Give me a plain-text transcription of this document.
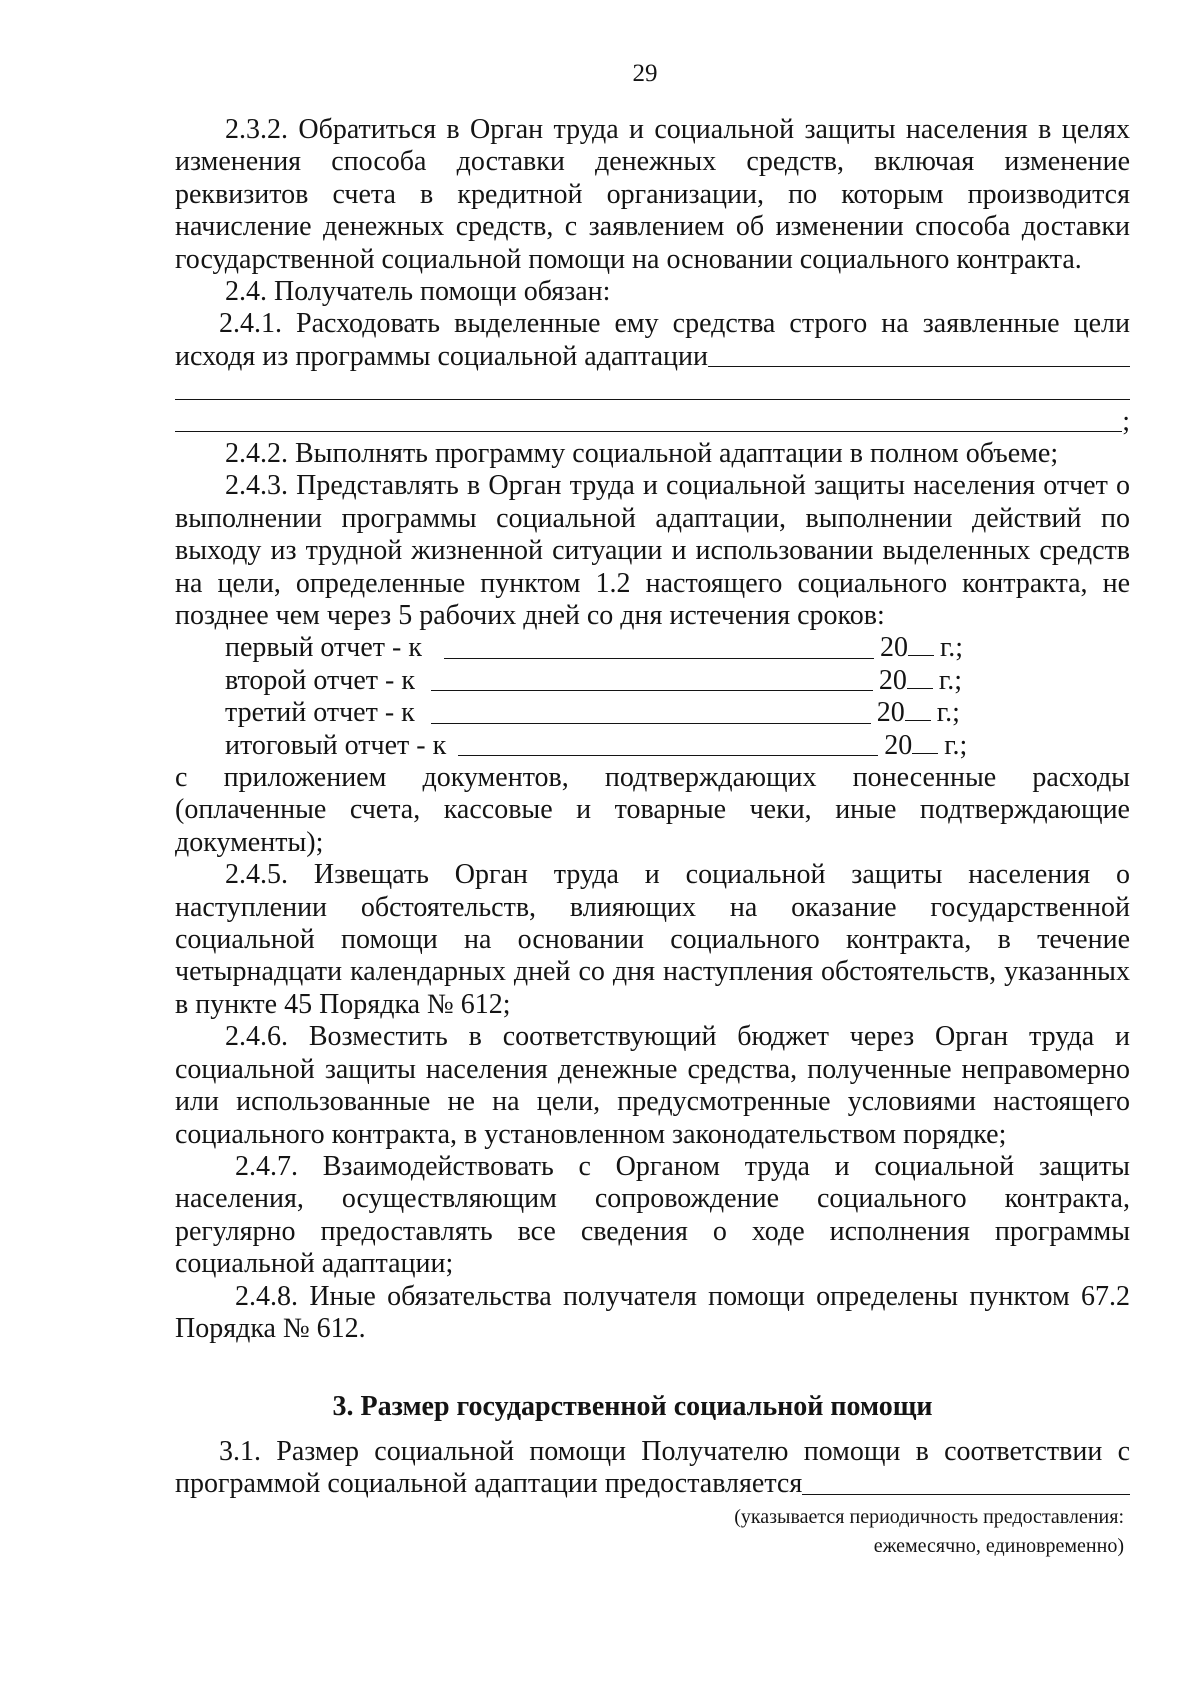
29

2.3.2. Обратиться в Орган труда и социальной защиты населения в целях изменения способа доставки денежных средств, включая изменение реквизитов счета в кредитной организации, по которым производится начисление денежных средств, с заявлением об изменении способа доставки государственной социальной помощи на основании социального контракта.

2.4. Получатель помощи обязан:

2.4.1. Расходовать выделенные ему средства строго на заявленные цели

исходя из программы социальной адаптации
;

2.4.2. Выполнять программу социальной адаптации в полном объеме;

2.4.3. Представлять в Орган труда и социальной защиты населения отчет о выполнении программы социальной адаптации, выполнении действий по выходу из трудной жизненной ситуации и использовании выделенных средств на цели, определенные пунктом 1.2 настоящего социального контракта, не позднее чем через 5 рабочих дней со дня истечения сроков:

первый отчет - к	20 г.;
второй отчет - к	20 г.;
третий отчет - к	20 г.;
итоговый отчет - к	20 г.;

с приложением документов, подтверждающих понесенные расходы (оплаченные счета, кассовые и товарные чеки, иные подтверждающие документы);

2.4.5. Извещать Орган труда и социальной защиты населения о наступлении обстоятельств, влияющих на оказание государственной социальной помощи на основании социального контракта, в течение четырнадцати календарных дней со дня наступления обстоятельств, указанных в пункте 45 Порядка № 612;

2.4.6. Возместить в соответствующий бюджет через Орган труда и социальной защиты населения денежные средства, полученные неправомерно или использованные не на цели, предусмотренные условиями настоящего социального контракта, в установленном законодательством порядке;

2.4.7. Взаимодействовать с Органом труда и социальной защиты населения, осуществляющим сопровождение социального контракта, регулярно предоставлять все сведения о ходе исполнения программы социальной адаптации;

2.4.8. Иные обязательства получателя помощи определены пунктом 67.2 Порядка № 612.

3. Размер государственной социальной помощи

3.1. Размер социальной помощи Получателю помощи в соответствии с

программой социальной адаптации предоставляется
(указывается периодичность предоставления:
ежемесячно, единовременно)
